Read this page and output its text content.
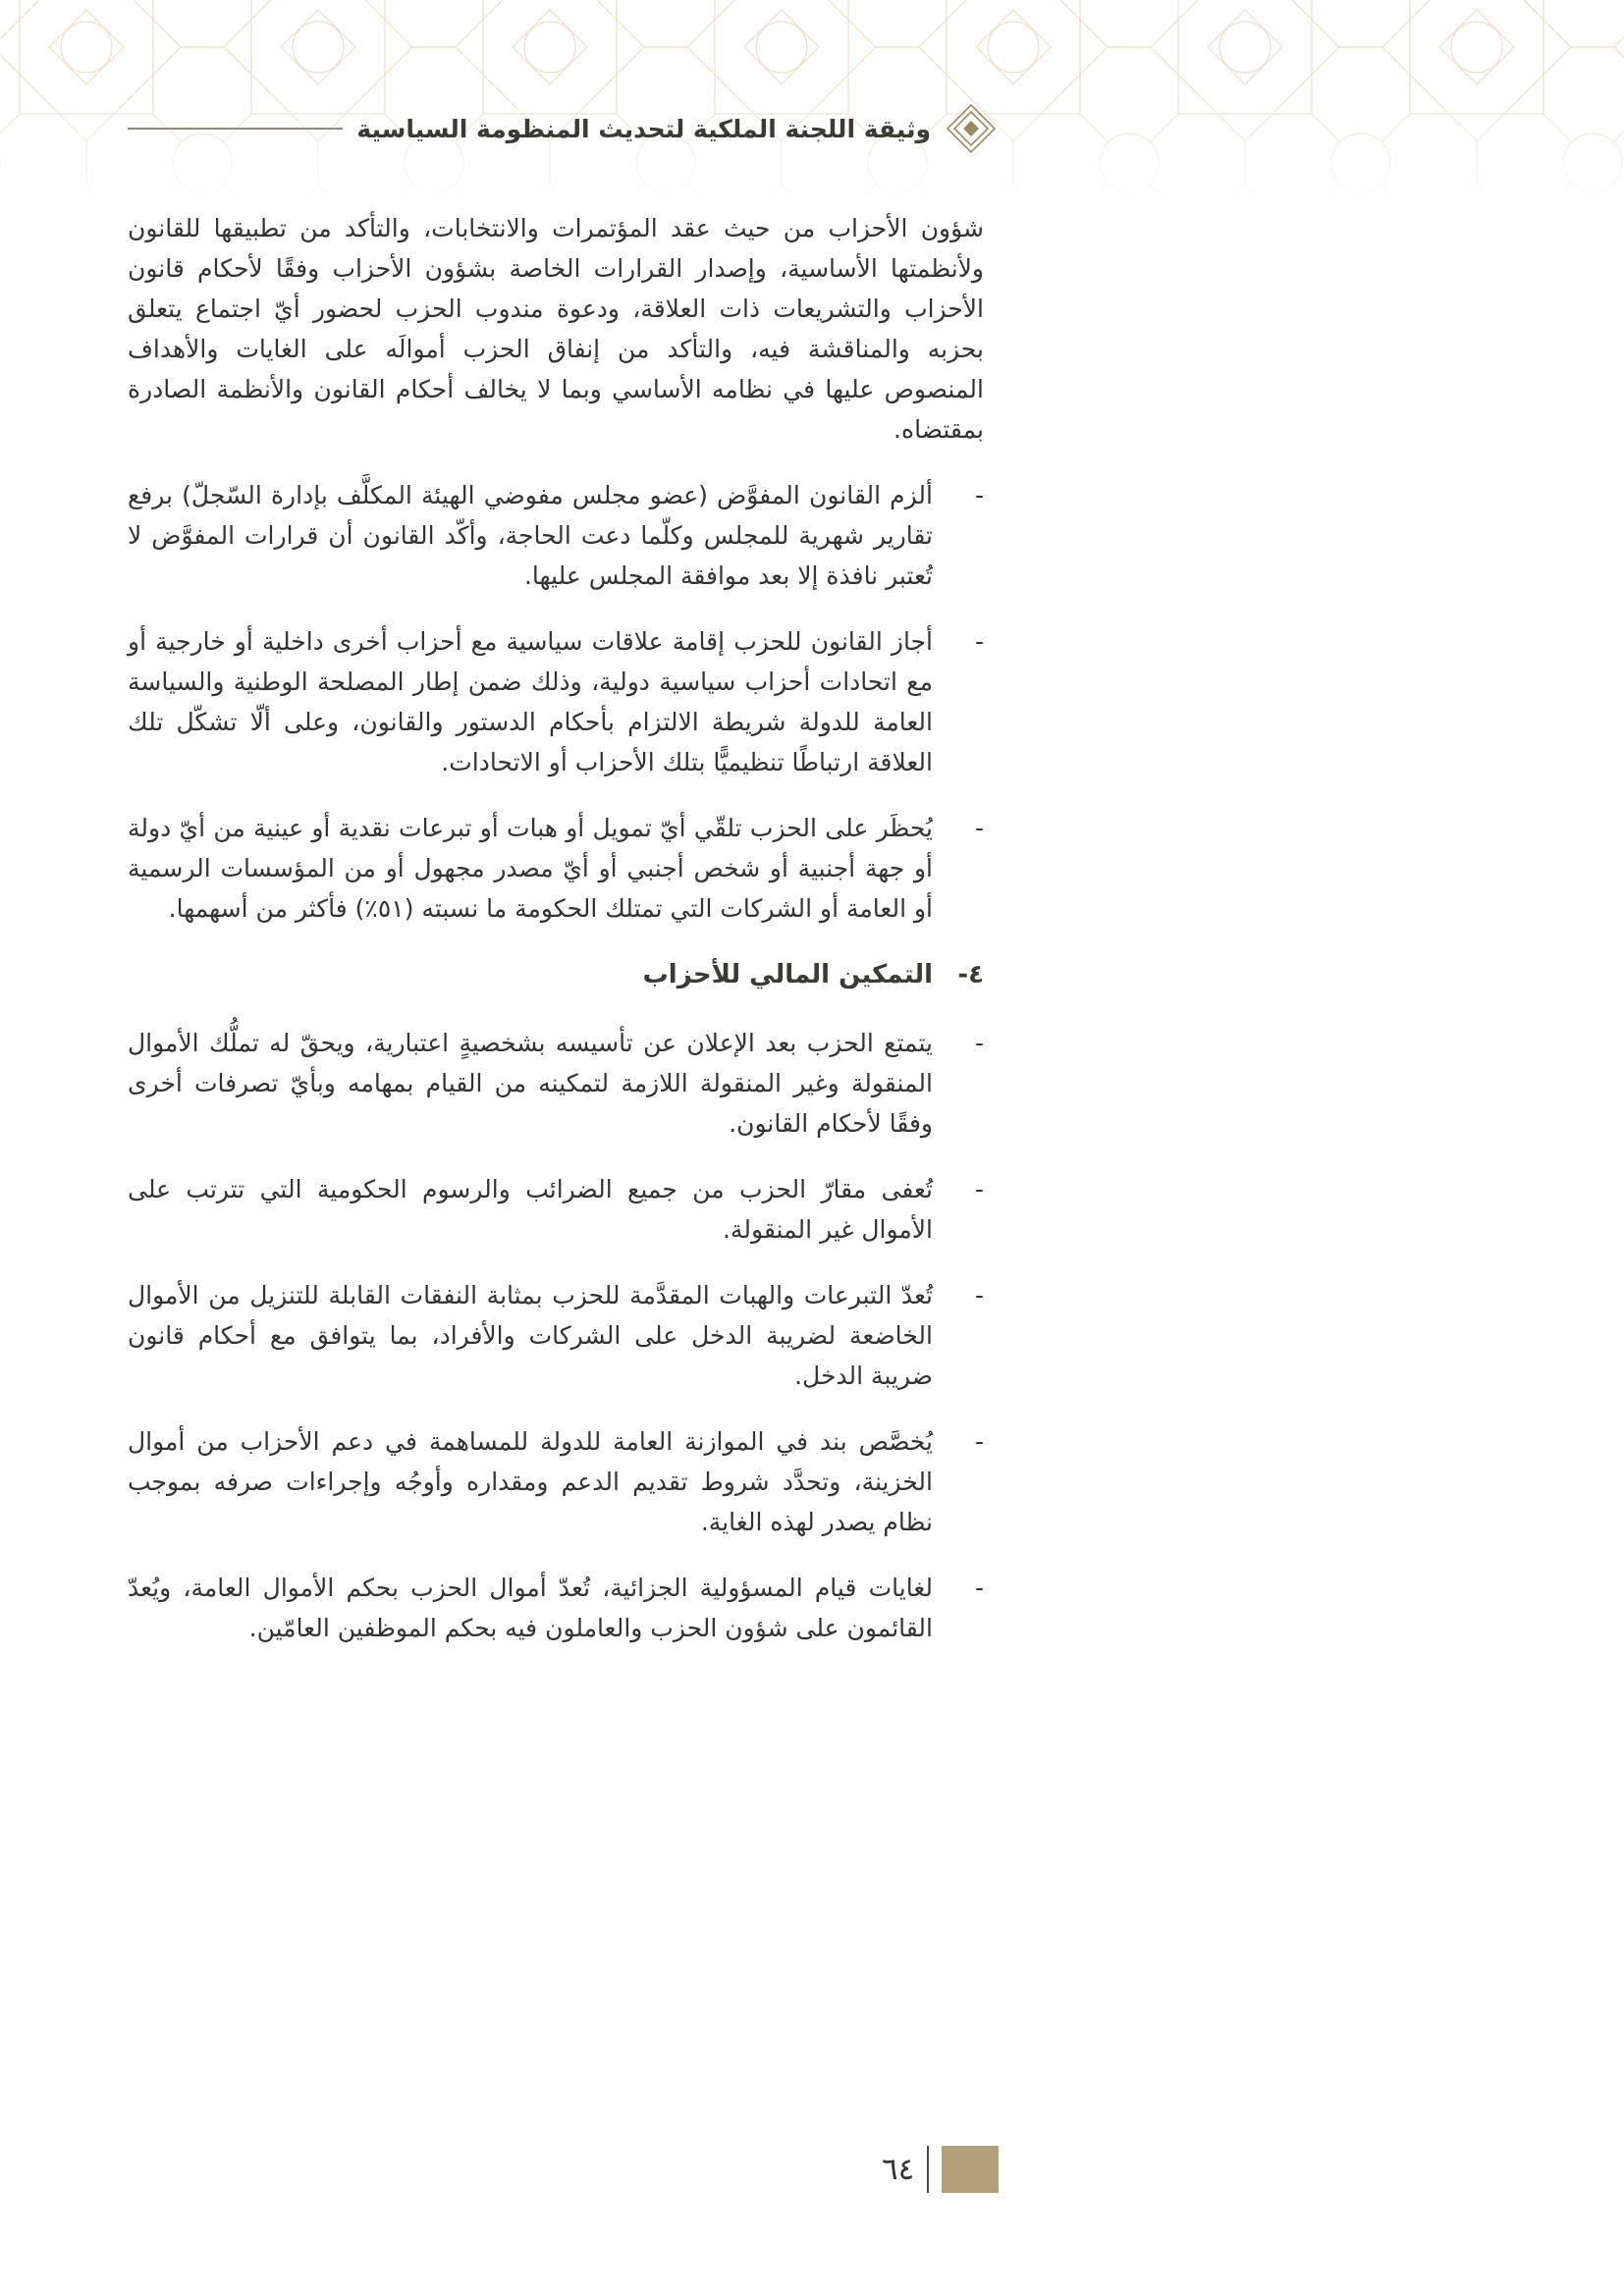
وثيقة اللجنة الملكية لتحديث المنظومة السياسية

شؤون الأحزاب من حيث عقد المؤتمرات والانتخابات، والتأكد من تطبيقها للقانون ولأنظمتها الأساسية، وإصدار القرارات الخاصة بشؤون الأحزاب وفقًا لأحكام قانون الأحزاب والتشريعات ذات العلاقة، ودعوة مندوب الحزب لحضور أيّ اجتماع يتعلق بحزبه والمناقشة فيه، والتأكد من إنفاق الحزب أموالَه على الغايات والأهداف المنصوص عليها في نظامه الأساسي وبما لا يخالف أحكام القانون والأنظمة الصادرة بمقتضاه.

-

ألزم القانون المفوَّض (عضو مجلس مفوضي الهيئة المكلَّف بإدارة السّجلّ) برفع تقارير شهرية للمجلس وكلّما دعت الحاجة، وأكّد القانون أن قرارات المفوَّض لا تُعتبر نافذة إلا بعد موافقة المجلس عليها.

-

أجاز القانون للحزب إقامة علاقات سياسية مع أحزاب أخرى داخلية أو خارجية أو مع اتحادات أحزاب سياسية دولية، وذلك ضمن إطار المصلحة الوطنية والسياسة العامة للدولة شريطة الالتزام بأحكام الدستور والقانون، وعلى ألّا تشكّل تلك العلاقة ارتباطًا تنظيميًّا بتلك الأحزاب أو الاتحادات.

-

يُحظَر على الحزب تلقّي أيّ تمويل أو هبات أو تبرعات نقدية أو عينية من أيّ دولة أو جهة أجنبية أو شخص أجنبي أو أيّ مصدر مجهول أو من المؤسسات الرسمية أو العامة أو الشركات التي تمتلك الحكومة ما نسبته (٥١٪) فأكثر من أسهمها.

٤-
التمكين المالي للأحزاب
-

يتمتع الحزب بعد الإعلان عن تأسيسه بشخصيةٍ اعتبارية، ويحقّ له تملُّك الأموال المنقولة وغير المنقولة اللازمة لتمكينه من القيام بمهامه وبأيّ تصرفات أخرى وفقًا لأحكام القانون.

-

تُعفى مقارّ الحزب من جميع الضرائب والرسوم الحكومية التي تترتب على الأموال غير المنقولة.

-

تُعدّ التبرعات والهبات المقدَّمة للحزب بمثابة النفقات القابلة للتنزيل من الأموال الخاضعة لضريبة الدخل على الشركات والأفراد، بما يتوافق مع أحكام قانون ضريبة الدخل.

-

يُخصَّص بند في الموازنة العامة للدولة للمساهمة في دعم الأحزاب من أموال الخزينة، وتحدَّد شروط تقديم الدعم ومقداره وأوجُه وإجراءات صرفه بموجب نظام يصدر لهذه الغاية.

-

لغايات قيام المسؤولية الجزائية، تُعدّ أموال الحزب بحكم الأموال العامة، ويُعدّ القائمون على شؤون الحزب والعاملون فيه بحكم الموظفين العامّين.

٦٤
